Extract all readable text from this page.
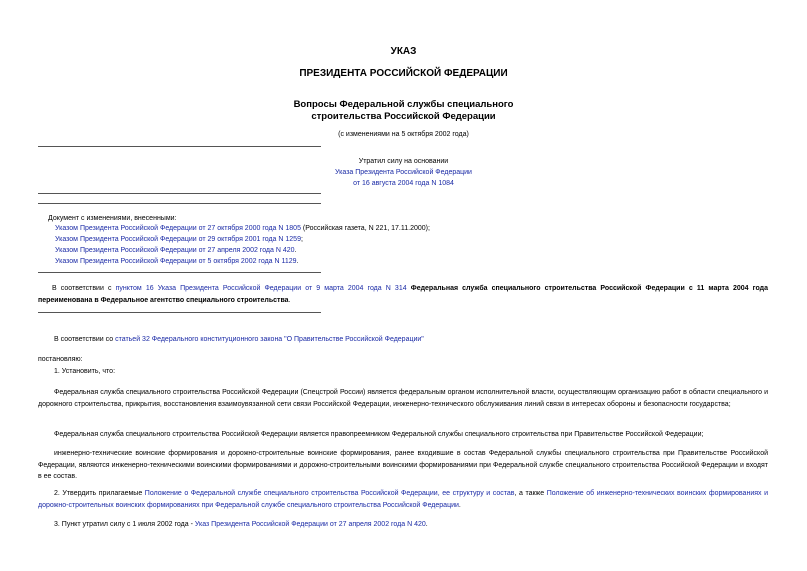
УКАЗ
ПРЕЗИДЕНТА РОССИЙСКОЙ ФЕДЕРАЦИИ
Вопросы Федеральной службы специального
строительства Российской Федерации
(с изменениями на 5 октября 2002 года)
Утратил силу на основании
Указа Президента Российской Федерации
от 16 августа 2004 года N 1084
Документ с изменениями, внесенными:
Указом Президента Российской Федерации от 27 октября 2000 года N 1805 (Российская газета, N 221, 17.11.2000);
Указом Президента Российской Федерации от 29 октября 2001 года N 1259;
Указом Президента Российской Федерации от 27 апреля 2002 года N 420.
Указом Президента Российской Федерации от 5 октября 2002 года N 1129.
В соответствии с пунктом 16 Указа Президента Российской Федерации от 9 марта 2004 года N 314 Федеральная служба специального строительства Российской Федерации с 11 марта 2004 года переименована в Федеральное агентство специального строительства.
В соответствии со статьей 32 Федерального конституционного закона "О Правительстве Российской Федерации"
постановляю:
1. Установить, что:
Федеральная служба специального строительства Российской Федерации (Спецстрой России) является федеральным органом исполнительной власти, осуществляющим организацию работ в области специального и дорожного строительства, прикрытия, восстановления взаимоувязанной сети связи Российской Федерации, инженерно-технического обслуживания линий связи в интересах обороны и безопасности государства;
Федеральная служба специального строительства Российской Федерации является правопреемником Федеральной службы специального строительства при Правительстве Российской Федерации;
инженерно-технические воинские формирования и дорожно-строительные воинские формирования, ранее входившие в состав Федеральной службы специального строительства при Правительстве Российской Федерации, являются инженерно-техническими воинскими формированиями и дорожно-строительными воинскими формированиями при Федеральной службе специального строительства Российской Федерации и входят в ее состав.
2. Утвердить прилагаемые Положение о Федеральной службе специального строительства Российской Федерации, ее структуру и состав, а также Положение об инженерно-технических воинских формированиях и дорожно-строительных воинских формированиях при Федеральной службе специального строительства Российской Федерации.
3. Пункт утратил силу с 1 июля 2002 года - Указ Президента Российской Федерации от 27 апреля 2002 года N 420.
